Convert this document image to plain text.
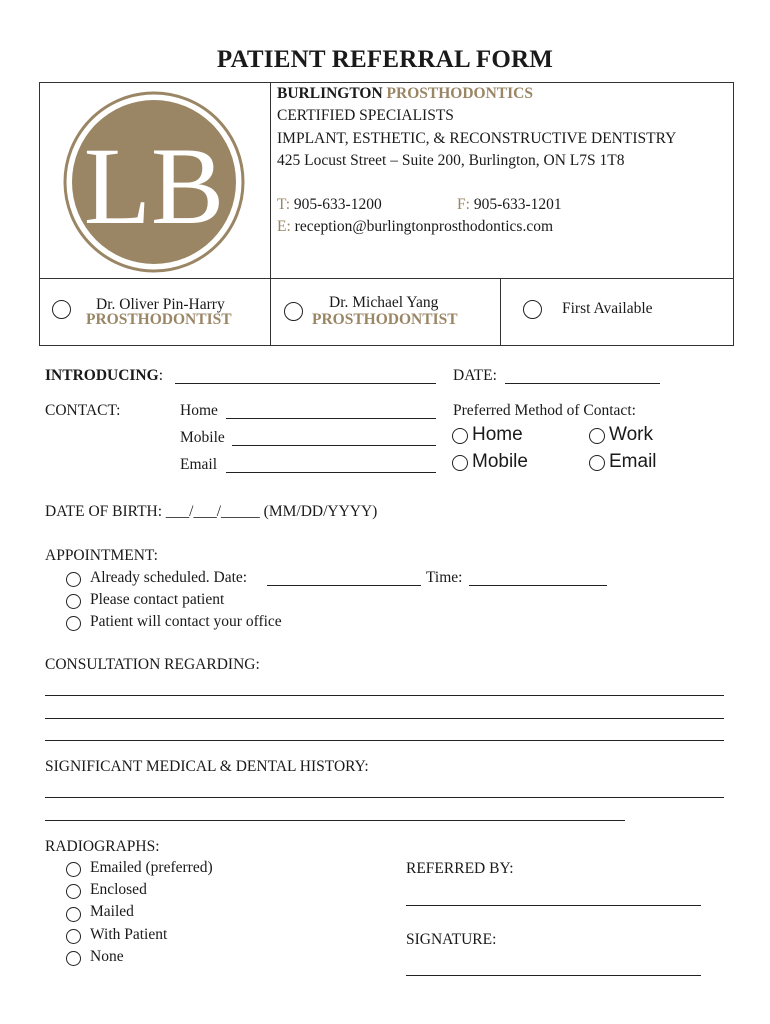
PATIENT REFERRAL FORM
LB
BURLINGTON PROSTHODONTICS
CERTIFIED SPECIALISTS
IMPLANT, ESTHETIC, & RECONSTRUCTIVE DENTISTRY
425 Locust Street – Suite 200, Burlington, ON L7S 1T8
T: 905-633-1200	F: 905-633-1201
E: reception@burlingtonprosthodontics.com
Dr. Oliver Pin-Harry
PROSTHODONTIST
Dr. Michael Yang
PROSTHODONTIST
First Available
INTRODUCING:	DATE:
CONTACT:	Home
Mobile
Email
Preferred Method of Contact:
Home	Work
Mobile	Email
DATE OF BIRTH: ___/___/_____ (MM/DD/YYYY)
APPOINTMENT:
Already scheduled. Date:	Time:
Please contact patient
Patient will contact your office
CONSULTATION REGARDING:
SIGNIFICANT MEDICAL & DENTAL HISTORY:
RADIOGRAPHS:
Emailed (preferred)
Enclosed
Mailed
With Patient
None
REFERRED BY:
SIGNATURE:
